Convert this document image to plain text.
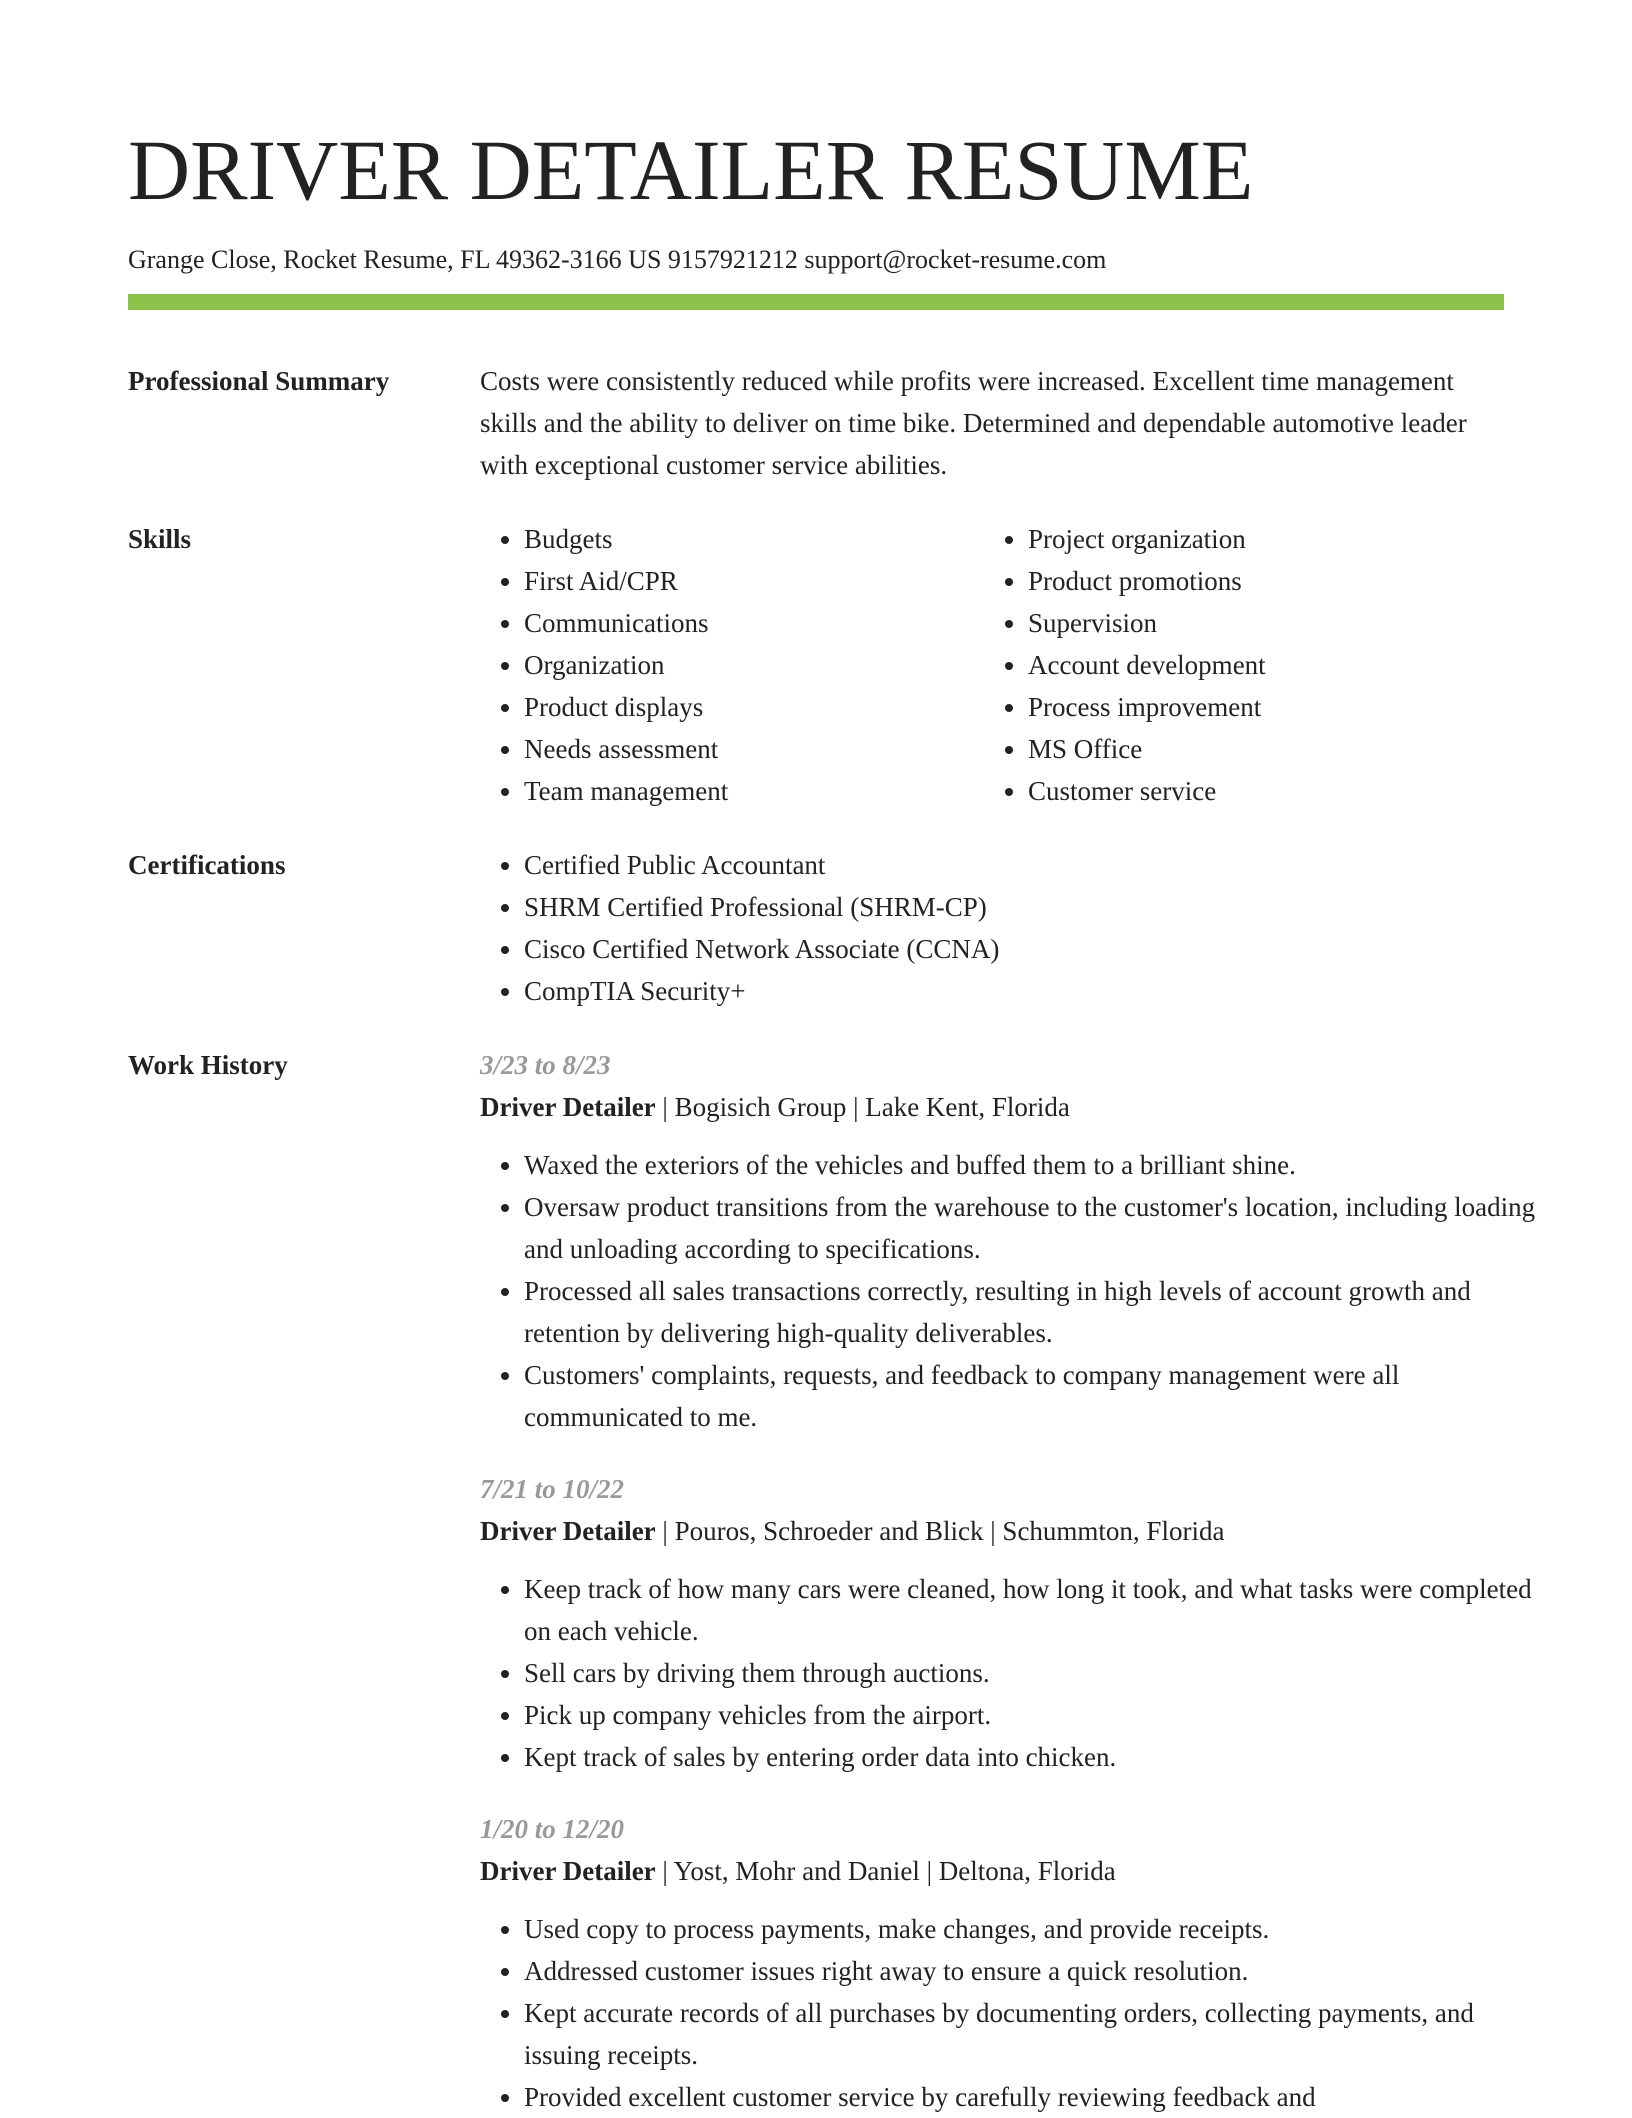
DRIVER DETAILER RESUME
Grange Close, Rocket Resume, FL 49362-3166 US 9157921212 support@rocket-resume.com
Professional Summary	Costs were consistently reduced while profits were increased. Excellent time management skills and the ability to deliver on time bike. Determined and dependable automotive leader with exceptional customer service abilities.

Skills	• Budgets
• First Aid/CPR
• Communications
• Organization
• Product displays
• Needs assessment
• Team management
• Project organization
• Product promotions
• Supervision
• Account development
• Process improvement
• MS Office
• Customer service
Certifications	• Certified Public Accountant
• SHRM Certified Professional (SHRM-CP)
• Cisco Certified Network Associate (CCNA)
• CompTIA Security+
Work History	3/23 to 8/23
Driver Detailer | Bogisich Group | Lake Kent, Florida
• Waxed the exteriors of the vehicles and buffed them to a brilliant shine.
• Oversaw product transitions from the warehouse to the customer's location, including loading and unloading according to specifications.
• Processed all sales transactions correctly, resulting in high levels of account growth and retention by delivering high-quality deliverables.
• Customers' complaints, requests, and feedback to company management were all communicated to me.
7/21 to 10/22
Driver Detailer | Pouros, Schroeder and Blick | Schummton, Florida
• Keep track of how many cars were cleaned, how long it took, and what tasks were completed on each vehicle.
• Sell cars by driving them through auctions.
• Pick up company vehicles from the airport.
• Kept track of sales by entering order data into chicken.
1/20 to 12/20
Driver Detailer | Yost, Mohr and Daniel | Deltona, Florida
• Used copy to process payments, make changes, and provide receipts.
• Addressed customer issues right away to ensure a quick resolution.
• Kept accurate records of all purchases by documenting orders, collecting payments, and issuing receipts.
• Provided excellent customer service by carefully reviewing feedback and
